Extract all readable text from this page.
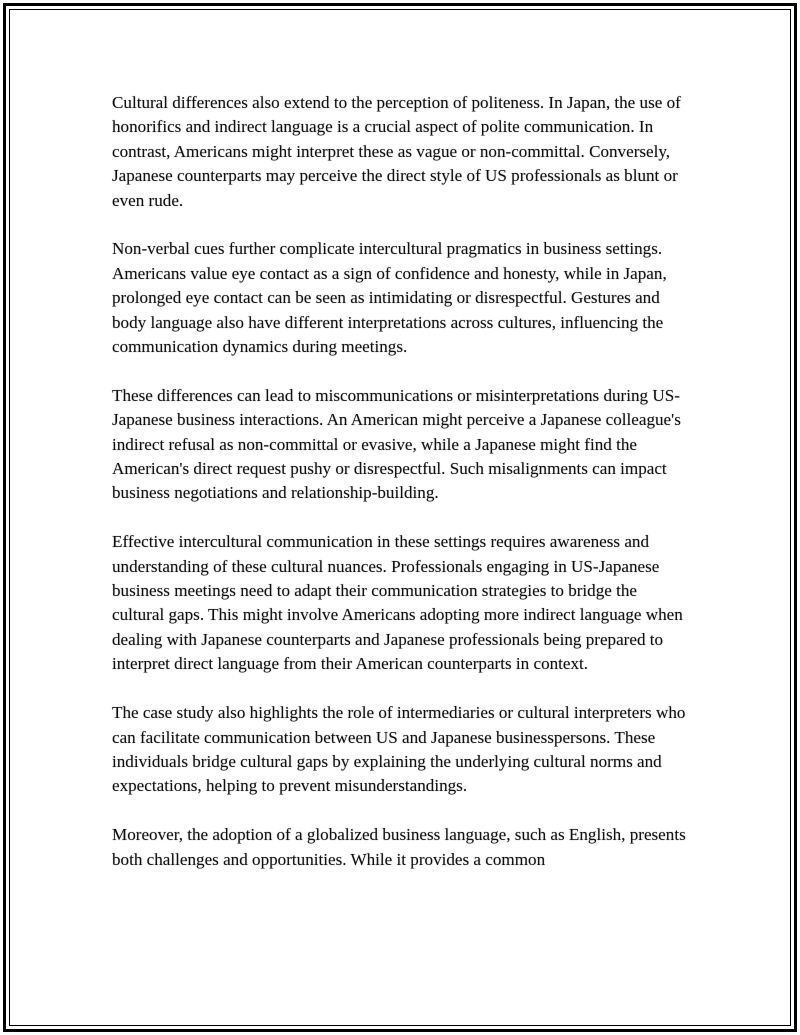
Cultural differences also extend to the perception of politeness. In Japan, the use of honorifics and indirect language is a crucial aspect of polite communication. In contrast, Americans might interpret these as vague or non-committal. Conversely, Japanese counterparts may perceive the direct style of US professionals as blunt or even rude.

Non-verbal cues further complicate intercultural pragmatics in business settings. Americans value eye contact as a sign of confidence and honesty, while in Japan, prolonged eye contact can be seen as intimidating or disrespectful. Gestures and body language also have different interpretations across cultures, influencing the communication dynamics during meetings.

These differences can lead to miscommunications or misinterpretations during US-Japanese business interactions. An American might perceive a Japanese colleague's indirect refusal as non-committal or evasive, while a Japanese might find the American's direct request pushy or disrespectful. Such misalignments can impact business negotiations and relationship-building.

Effective intercultural communication in these settings requires awareness and understanding of these cultural nuances. Professionals engaging in US-Japanese business meetings need to adapt their communication strategies to bridge the cultural gaps. This might involve Americans adopting more indirect language when dealing with Japanese counterparts and Japanese professionals being prepared to interpret direct language from their American counterparts in context.

The case study also highlights the role of intermediaries or cultural interpreters who can facilitate communication between US and Japanese businesspersons. These individuals bridge cultural gaps by explaining the underlying cultural norms and expectations, helping to prevent misunderstandings.

Moreover, the adoption of a globalized business language, such as English, presents both challenges and opportunities. While it provides a common
